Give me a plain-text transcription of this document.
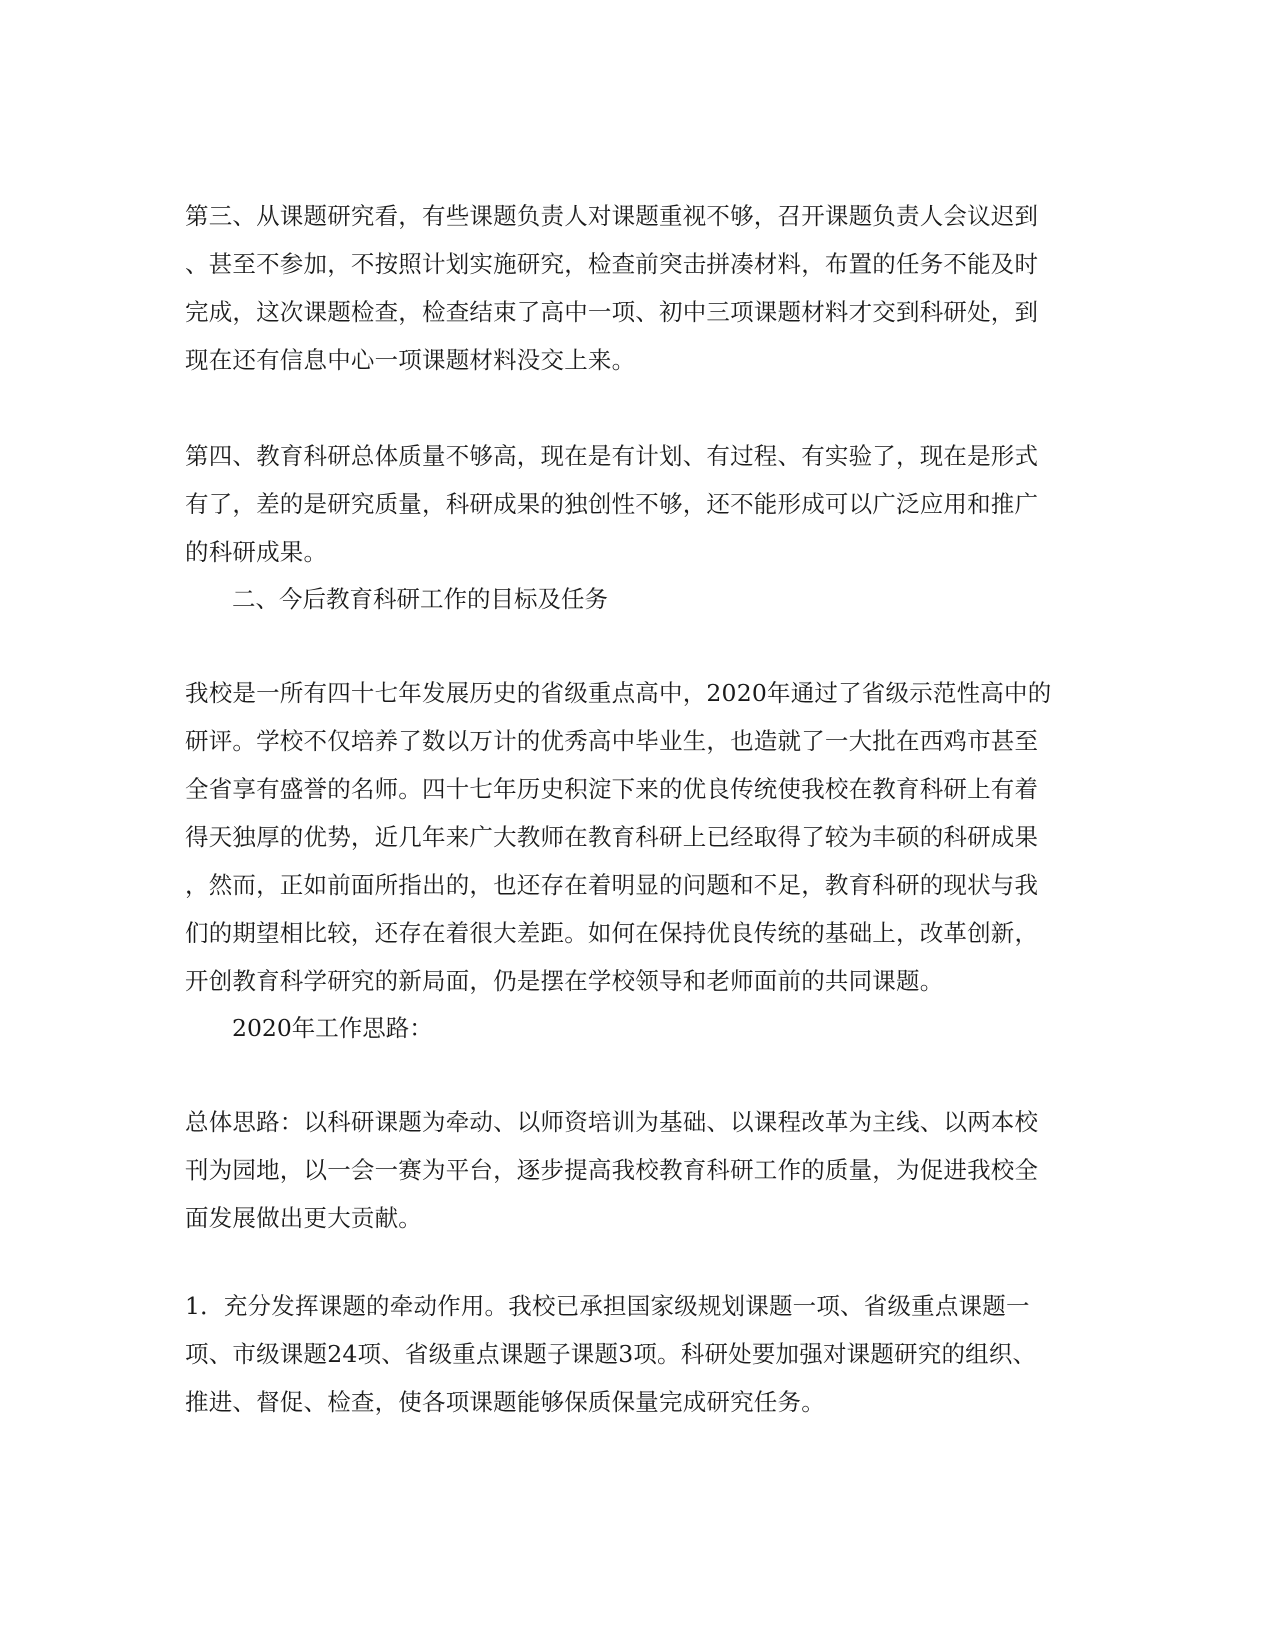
第三、从课题研究看，有些课题负责人对课题重视不够，召开课题负责人会议迟到
、甚至不参加，不按照计划实施研究，检查前突击拼凑材料，布置的任务不能及时
完成，这次课题检查，检查结束了高中一项、初中三项课题材料才交到科研处，到
现在还有信息中心一项课题材料没交上来。
第四、教育科研总体质量不够高，现在是有计划、有过程、有实验了，现在是形式
有了，差的是研究质量，科研成果的独创性不够，还不能形成可以广泛应用和推广
的科研成果。
二、今后教育科研工作的目标及任务
我校是一所有四十七年发展历史的省级重点高中，2020年通过了省级示范性高中的
研评。学校不仅培养了数以万计的优秀高中毕业生，也造就了一大批在西鸡市甚至
全省享有盛誉的名师。四十七年历史积淀下来的优良传统使我校在教育科研上有着
得天独厚的优势，近几年来广大教师在教育科研上已经取得了较为丰硕的科研成果
，然而，正如前面所指出的，也还存在着明显的问题和不足，教育科研的现状与我
们的期望相比较，还存在着很大差距。如何在保持优良传统的基础上，改革创新，
开创教育科学研究的新局面，仍是摆在学校领导和老师面前的共同课题。
2020年工作思路：
总体思路：以科研课题为牵动、以师资培训为基础、以课程改革为主线、以两本校
刊为园地，以一会一赛为平台，逐步提高我校教育科研工作的质量，为促进我校全
面发展做出更大贡献。
1．充分发挥课题的牵动作用。我校已承担国家级规划课题一项、省级重点课题一
项、市级课题24项、省级重点课题子课题3项。科研处要加强对课题研究的组织、
推进、督促、检查，使各项课题能够保质保量完成研究任务。
